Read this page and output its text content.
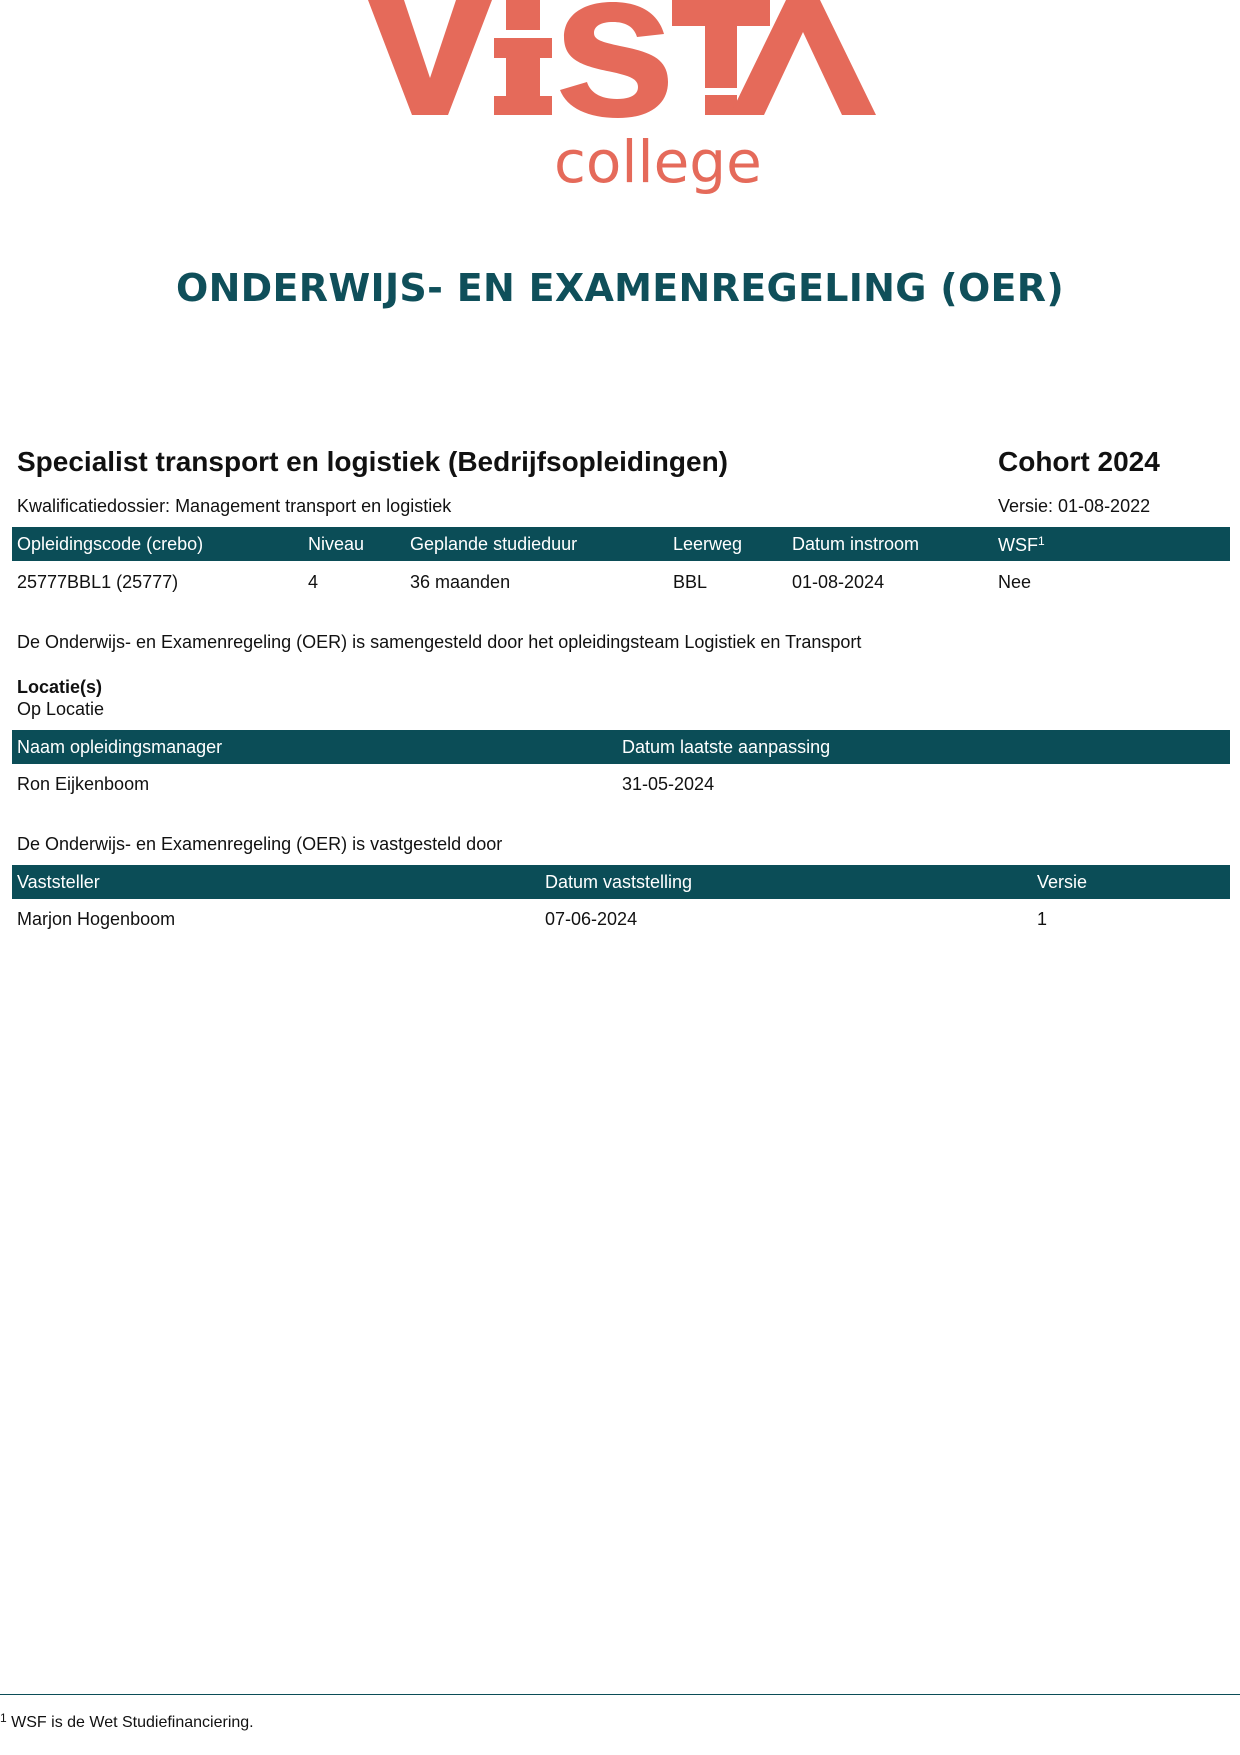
college
ONDERWIJS- EN EXAMENREGELING (OER)
Specialist transport en logistiek (Bedrijfsopleidingen)	Cohort 2024
Kwalificatiedossier: Management transport en logistiek	Versie: 01-08-2022
Opleidingscode (crebo)	Niveau	Geplande studieduur	Leerweg	Datum instroom	WSF$^1$
25777BBL1 (25777)	4	36 maanden	BBL	01-08-2024	Nee
De Onderwijs- en Examenregeling (OER) is samengesteld door het opleidingsteam Logistiek en Transport
Locatie(s)
Op Locatie
Naam opleidingsmanager	Datum laatste aanpassing
Ron Eijkenboom	31-05-2024
De Onderwijs- en Examenregeling (OER) is vastgesteld door
Vaststeller	Datum vaststelling	Versie
Marjon Hogenboom	07-06-2024	1
$^1$ WSF is de Wet Studiefinanciering.
